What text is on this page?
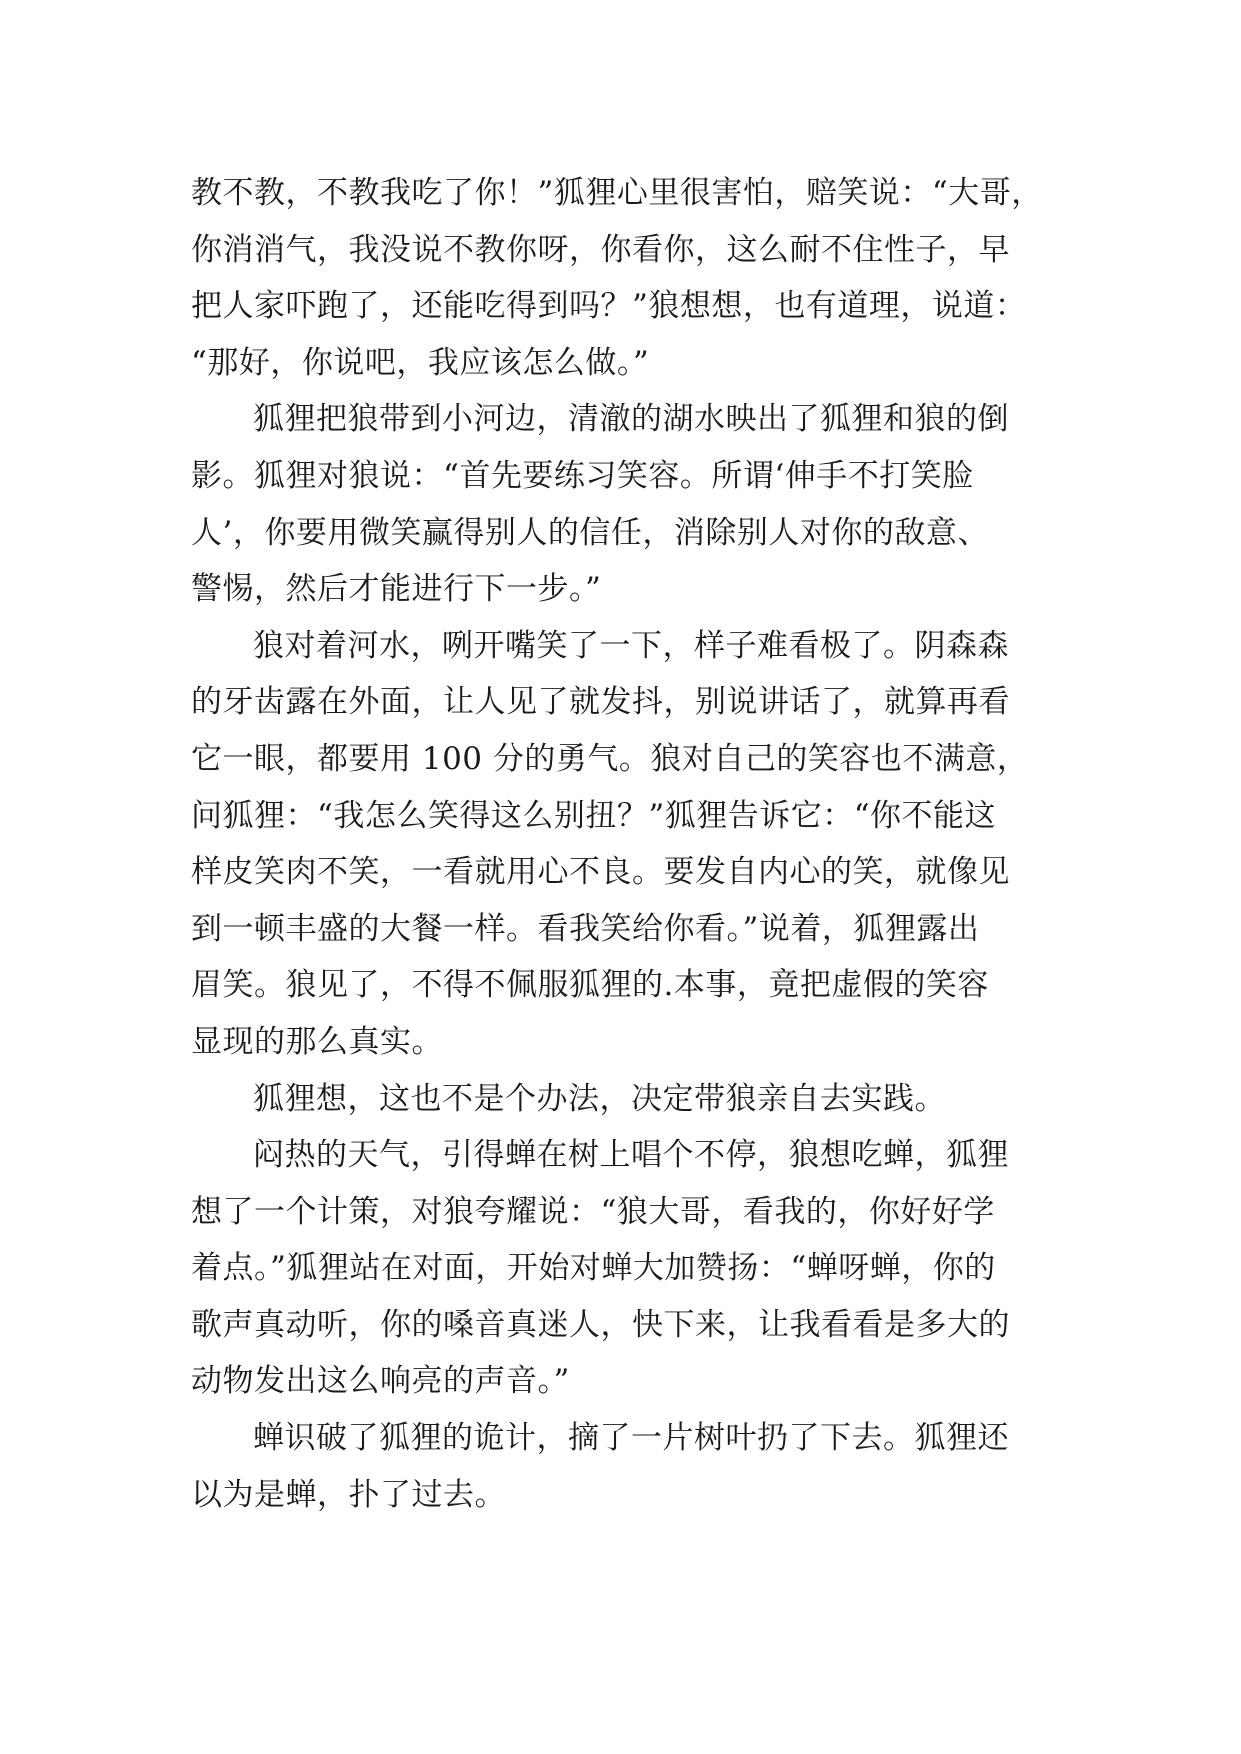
教不教，不教我吃了你！”狐狸心里很害怕，赔笑说：“大哥，
你消消气，我没说不教你呀，你看你，这么耐不住性子，早
把人家吓跑了，还能吃得到吗？”狼想想，也有道理，说道：
“那好，你说吧，我应该怎么做。”
狐狸把狼带到小河边，清澈的湖水映出了狐狸和狼的倒
影。狐狸对狼说：“首先要练习笑容。所谓‘伸手不打笑脸
人’，你要用微笑赢得别人的信任，消除别人对你的敌意、
警惕，然后才能进行下一步。”
狼对着河水，咧开嘴笑了一下，样子难看极了。阴森森
的牙齿露在外面，让人见了就发抖，别说讲话了，就算再看
它一眼，都要用 100 分的勇气。狼对自己的笑容也不满意，
问狐狸：“我怎么笑得这么别扭？”狐狸告诉它：“你不能这
样皮笑肉不笑，一看就用心不良。要发自内心的笑，就像见
到一顿丰盛的大餐一样。看我笑给你看。”说着，狐狸露出
眉笑。狼见了，不得不佩服狐狸的.本事，竟把虚假的笑容
显现的那么真实。
狐狸想，这也不是个办法，决定带狼亲自去实践。
闷热的天气，引得蝉在树上唱个不停，狼想吃蝉，狐狸
想了一个计策，对狼夸耀说：“狼大哥，看我的，你好好学
着点。”狐狸站在对面，开始对蝉大加赞扬：“蝉呀蝉，你的
歌声真动听，你的嗓音真迷人，快下来，让我看看是多大的
动物发出这么响亮的声音。”
蝉识破了狐狸的诡计，摘了一片树叶扔了下去。狐狸还
以为是蝉，扑了过去。
